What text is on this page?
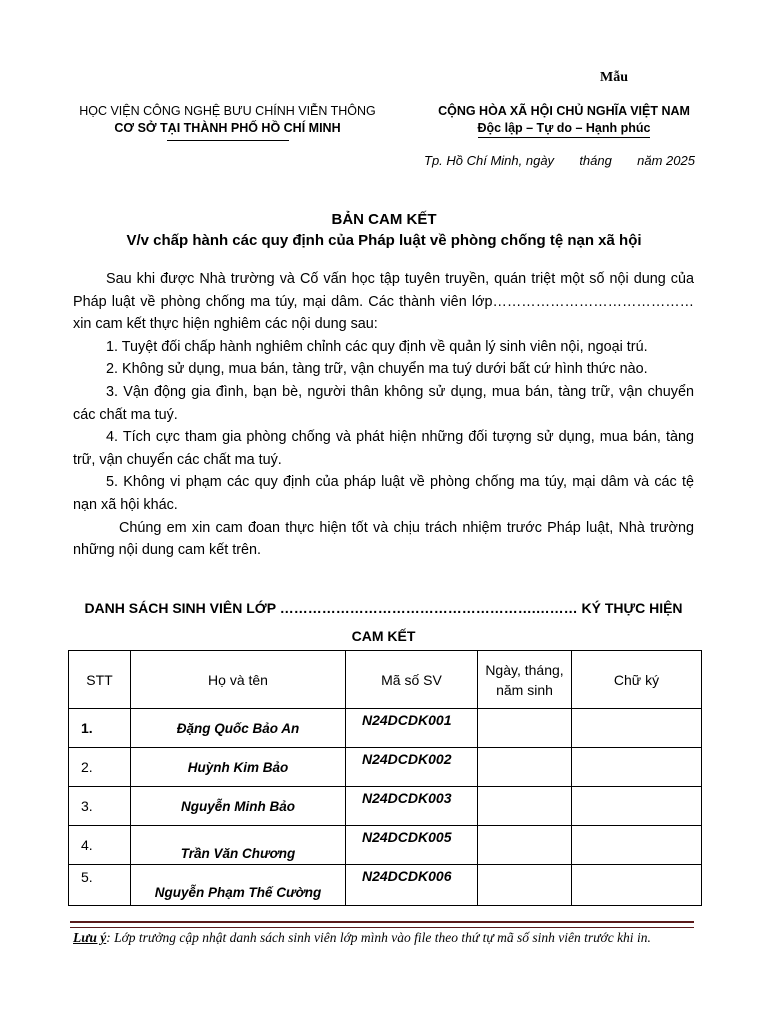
Mẫu
HỌC VIỆN CÔNG NGHỆ BƯU CHÍNH VIỄN THÔNG
CƠ SỞ TẠI THÀNH PHỐ HỒ CHÍ MINH
CỘNG HÒA XÃ HỘI CHỦ NGHĨA VIỆT NAM
Độc lập – Tự do – Hạnh phúc
Tp. Hồ Chí Minh, ngày tháng năm 2025
BẢN CAM KẾT
V/v chấp hành các quy định của Pháp luật về phòng chống tệ nạn xã hội

Sau khi được Nhà trường và Cố vấn học tập tuyên truyền, quán triệt một số nội dung của Pháp luật về phòng chống ma túy, mại dâm. Các thành viên lớp…………………………………… xin cam kết thực hiện nghiêm các nội dung sau:

1. Tuyệt đối chấp hành nghiêm chỉnh các quy định về quản lý sinh viên nội, ngoại trú.

2. Không sử dụng, mua bán, tàng trữ, vận chuyển ma tuý dưới bất cứ hình thức nào.

3. Vận động gia đình, bạn bè, người thân không sử dụng, mua bán, tàng trữ, vận chuyển các chất ma tuý.

4. Tích cực tham gia phòng chống và phát hiện những đối tượng sử dụng, mua bán, tàng trữ, vận chuyển các chất ma tuý.

5. Không vi phạm các quy định của pháp luật về phòng chống ma túy, mại dâm và các tệ nạn xã hội khác.

Chúng em xin cam đoan thực hiện tốt và chịu trách nhiệm trước Pháp luật, Nhà trường những nội dung cam kết trên.

DANH SÁCH SINH VIÊN LỚP ……………………………………………….……… KÝ THỰC HIỆN CAM KẾT
STT	Họ và tên	Mã số SV	Ngày, tháng, năm sinh	Chữ ký
1.	Đặng Quốc Bảo An	N24DCDK001		
2.	Huỳnh Kim Bảo	N24DCDK002		
3.	Nguyễn Minh Bảo	N24DCDK003		
4.	Trần Văn Chương	N24DCDK005		
5.	Nguyễn Phạm Thế Cường	N24DCDK006		
Lưu ý: Lớp trưởng cập nhật danh sách sinh viên lớp mình vào file theo thứ tự mã số sinh viên trước khi in.
